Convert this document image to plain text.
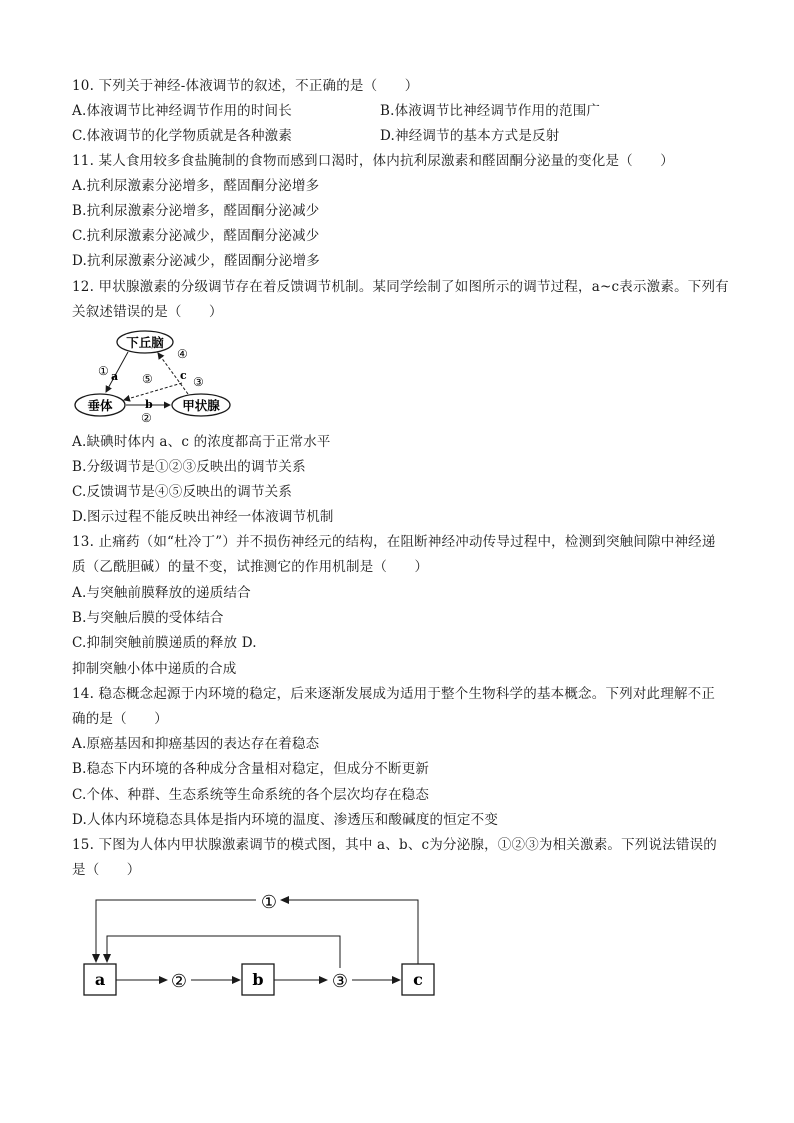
10. 下列关于神经-体液调节的叙述，不正确的是（　　）
A.体液调节比神经调节作用的时间长	B.体液调节比神经调节作用的范围广
C.体液调节的化学物质就是各种激素	D.神经调节的基本方式是反射
11. 某人食用较多食盐腌制的食物而感到口渴时，体内抗利尿激素和醛固酮分泌量的变化是（　　）
A.抗利尿激素分泌增多，醛固酮分泌增多
B.抗利尿激素分泌增多，醛固酮分泌减少
C.抗利尿激素分泌减少，醛固酮分泌减少
D.抗利尿激素分泌减少，醛固酮分泌增多
12. 甲状腺激素的分级调节存在着反馈调节机制。某同学绘制了如图所示的调节过程，a~c表示激素。下列有
关叙述错误的是（　　）
下丘脑
垂体	甲状腺
① a ⑤
④
c ③
b
②
A.缺碘时体内 a、c 的浓度都高于正常水平
B.分级调节是①②③反映出的调节关系
C.反馈调节是④⑤反映出的调节关系
D.图示过程不能反映出神经一体液调节机制
13. 止痛药（如“杜冷丁”）并不损伤神经元的结构，在阻断神经冲动传导过程中，检测到突触间隙中神经递
质（乙酰胆碱）的量不变，试推测它的作用机制是（　　）
A.与突触前膜释放的递质结合
B.与突触后膜的受体结合
C.抑制突触前膜递质的释放 D.
抑制突触小体中递质的合成
14. 稳态概念起源于内环境的稳定，后来逐渐发展成为适用于整个生物科学的基本概念。下列对此理解不正
确的是（　　）
A.原癌基因和抑癌基因的表达存在着稳态
B.稳态下内环境的各种成分含量相对稳定，但成分不断更新
C.个体、种群、生态系统等生命系统的各个层次均存在稳态
D.人体内环境稳态具体是指内环境的温度、渗透压和酸碱度的恒定不变
15. 下图为人体内甲状腺激素调节的模式图，其中 a、b、c为分泌腺，①②③为相关激素。下列说法错误的
是（　　）
a	b	c
②	③
①
